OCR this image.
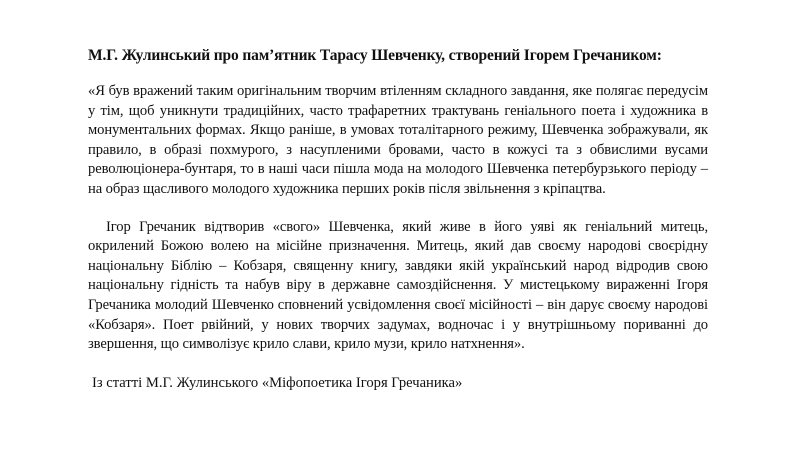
М.Г. Жулинський про пам’ятник Тарасу Шевченку, створений Ігорем Гречаником:

«Я був вражений таким оригінальним творчим втіленням складного завдання, яке полягає передусім у тім, щоб уникнути традиційних, часто трафаретних трактувань геніального поета і художника в монументальних формах. Якщо раніше, в умовах тоталітарного режиму, Шевченка зображували, як правило, в образі похмурого, з насупленими бровами, часто в кожусі та з обвислими вусами революціонера-бунтаря, то в наші часи пішла мода на молодого Шевченка петербурзького періоду – на образ щасливого молодого художника перших років після звільнення з кріпацтва.

Ігор Гречаник відтворив «свого» Шевченка, який живе в його уяві як геніальний митець, окрилений Божою волею на місійне призначення. Митець, який дав своєму народові своєрідну національну Біблію – Кобзаря, священну книгу, завдяки якій український народ відродив свою національну гідність та набув віру в державне самоздійснення. У мистецькому вираженні Ігоря Гречаника молодий Шевченко сповнений усвідомлення своєї місійності – він дарує своєму народові «Кобзаря». Поет рвійний, у нових творчих задумах, водночас і у внутрішньому пориванні до звершення, що символізує крило слави, крило музи, крило натхнення».

Із статті М.Г. Жулинського «Міфопоетика Ігоря Гречаника»
